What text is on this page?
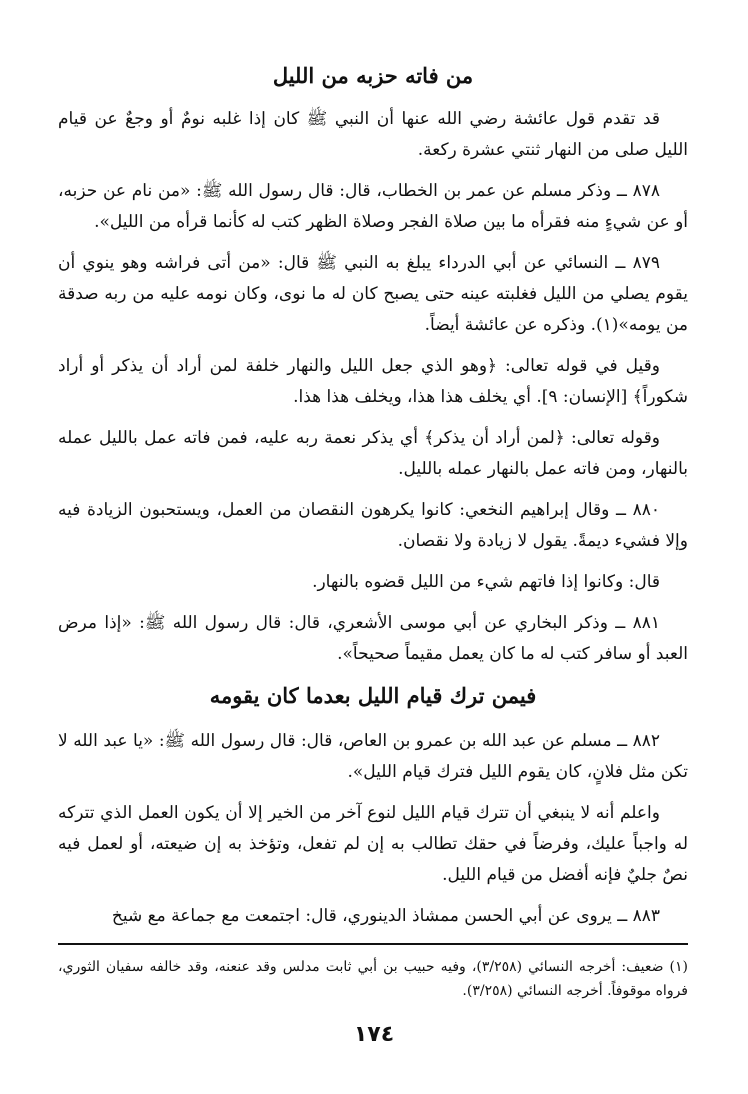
من فاته حزبه من الليل

قد تقدم قول عائشة رضي الله عنها أن النبي ﷺ كان إذا غلبه نومٌ أو وجعٌ عن قيام الليل صلى من النهار ثنتي عشرة ركعة.

٨٧٨ ــ وذكر مسلم عن عمر بن الخطاب، قال: قال رسول الله ﷺ: «من نام عن حزبه، أو عن شيءٍ منه فقرأه ما بين صلاة الفجر وصلاة الظهر كتب له كأنما قرأه من الليل».

٨٧٩ ــ النسائي عن أبي الدرداء يبلغ به النبي ﷺ قال: «من أتى فراشه وهو ينوي أن يقوم يصلي من الليل فغلبته عينه حتى يصبح كان له ما نوى، وكان نومه عليه من ربه صدقة من يومه»(١). وذكره عن عائشة أيضاً.

وقيل في قوله تعالى: ﴿وهو الذي جعل الليل والنهار خلفة لمن أراد أن يذكر أو أراد شكوراً﴾ [الإنسان: ٩]. أي يخلف هذا هذا، ويخلف هذا هذا.

وقوله تعالى: ﴿لمن أراد أن يذكر﴾ أي يذكر نعمة ربه عليه، فمن فاته عمل بالليل عمله بالنهار، ومن فاته عمل بالنهار عمله بالليل.

٨٨٠ ــ وقال إبراهيم النخعي: كانوا يكرهون النقصان من العمل، ويستحبون الزيادة فيه وإلا فشيء ديمةً. يقول لا زيادة ولا نقصان.

قال: وكانوا إذا فاتهم شيء من الليل قضوه بالنهار.

٨٨١ ــ وذكر البخاري عن أبي موسى الأشعري، قال: قال رسول الله ﷺ: «إذا مرض العبد أو سافر كتب له ما كان يعمل مقيماً صحيحاً».

فيمن ترك قيام الليل بعدما كان يقومه

٨٨٢ ــ مسلم عن عبد الله بن عمرو بن العاص، قال: قال رسول الله ﷺ: «يا عبد الله لا تكن مثل فلانٍ، كان يقوم الليل فترك قيام الليل».

واعلم أنه لا ينبغي أن تترك قيام الليل لنوع آخر من الخير إلا أن يكون العمل الذي تتركه له واجباً عليك، وفرضاً في حقك تطالب به إن لم تفعل، وتؤخذ به إن ضيعته، أو لعمل فيه نصٌ جليٌ فإنه أفضل من قيام الليل.

٨٨٣ ــ يروى عن أبي الحسن ممشاذ الدينوري، قال: اجتمعت مع جماعة مع شيخ

(١) ضعيف: أخرجه النسائي (٣/٢٥٨)، وفيه حبيب بن أبي ثابت مدلس وقد عنعنه، وقد خالفه سفيان الثوري، فرواه موقوفاً. أخرجه النسائي (٣/٢٥٨).
١٧٤
